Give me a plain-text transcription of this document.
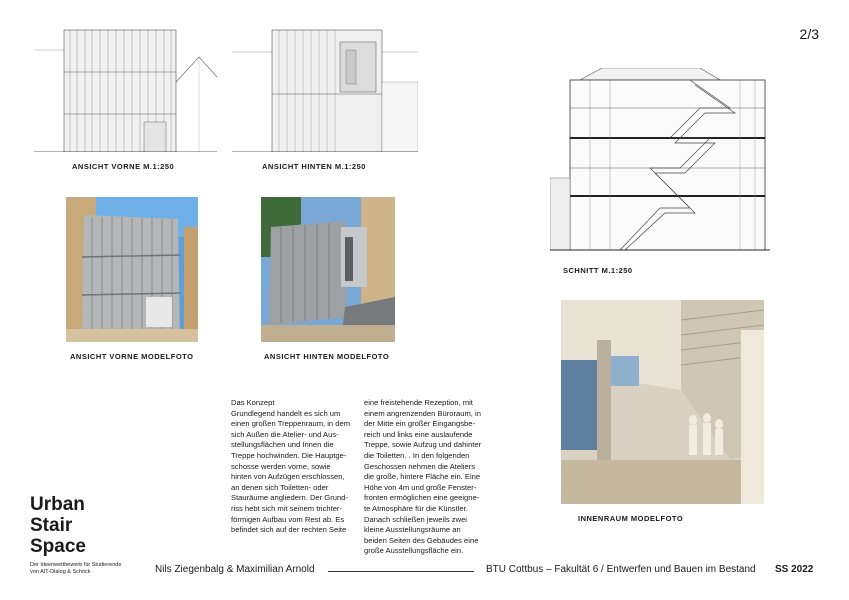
2/3
ANSICHT VORNE M.1:250	ANSICHT HINTEN M.1:250
SCHNITT M.1:250
ANSICHT VORNE MODELFOTO	ANSICHT HINTEN MODELFOTO
INNENRAUM MODELFOTO
Das Konzept
Grundlegend handelt es sich um
einen großen Treppenraum, in dem
sich Außen die Atelier- und Aus-
stellungsflächen und Innen die
Treppe hochwinden. Die Hauptge-
schosse werden vorne, sowie
hinten von Aufzügen erschlossen,
an denen sich Toiletten- oder
Stauräume angliedern. Der Grund-
riss hebt sich mit seinem trichter-
förmigen Aufbau vom Rest ab. Es
befindet sich auf der rechten Seite
eine freistehende Rezeption, mit
einem angrenzenden Büroraum, in
der Mitte ein großer Eingangsbe-
reich und links eine auslaufende
Treppe, sowie Aufzug und dahinter
die Toiletten. . In den folgenden
Geschossen nehmen die Ateliers
die große, hintere Fläche ein. Eine
Höhe von 4m und große Fenster-
fronten ermöglichen eine geeigne-
te Atmosphäre für die Künstler.
Danach schließen jeweils zwei
kleine Ausstellungsräume an
beiden Seiten des Gebäudes eine
große Ausstellungsfläche ein.
Urban
Stair
Space
Der Ideenwettbewerb für Studierende
von AIT-Dialog & Schöck	Nils Ziegenbalg & Maximilian Arnold	BTU Cottbus – Fakultät 6 / Entwerfen und Bauen im Bestand SS 2022
